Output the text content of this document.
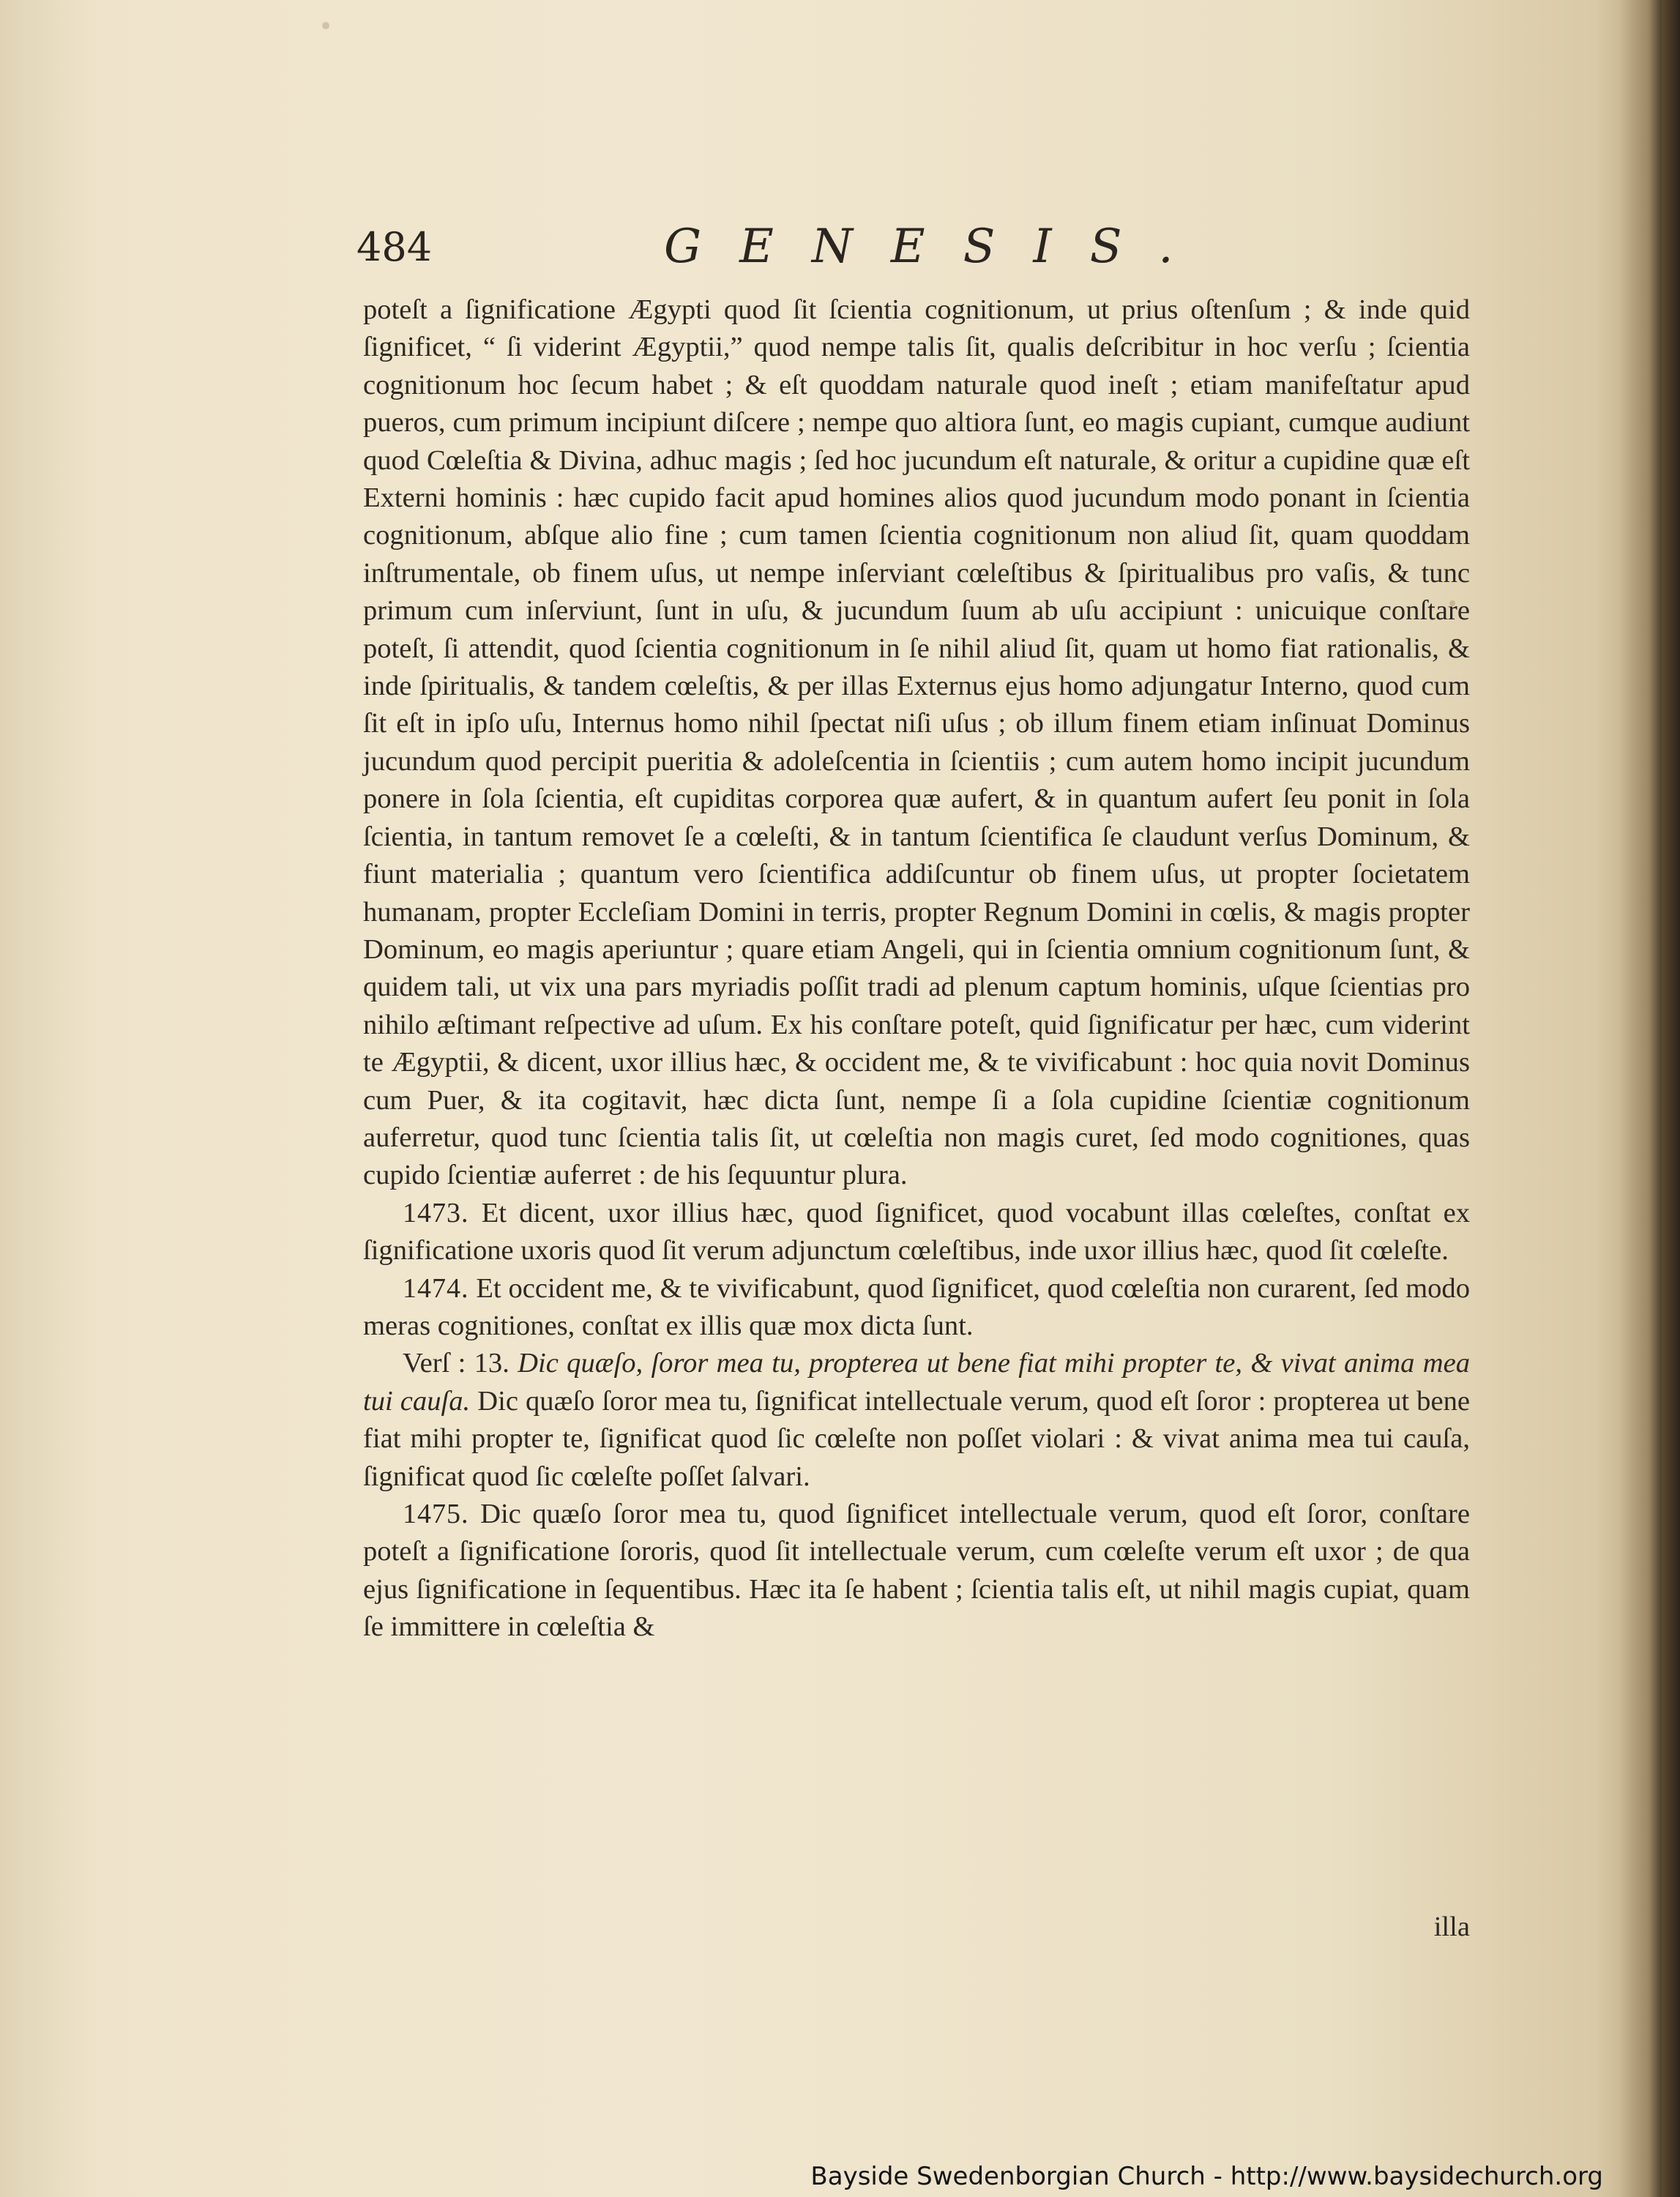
484	GENESIS.

poteſt a ſignificatione Ægypti quod ſit ſcientia cognitionum, ut prius oſtenſum ; & inde quid ſignificet, “ ſi viderint Ægyptii,” quod nempe talis ſit, qualis deſcribitur in hoc verſu ; ſcientia cognitionum hoc ſecum habet ; & eſt quoddam naturale quod ineſt ; etiam manifeſtatur apud pueros, cum primum incipiunt diſcere ; nempe quo altiora ſunt, eo magis cupiant, cumque audiunt quod Cœleſtia & Divina, adhuc magis ; ſed hoc jucundum eſt naturale, & oritur a cupidine quæ eſt Externi hominis : hæc cupido facit apud homines alios quod jucundum modo ponant in ſcientia cognitionum, abſque alio fine ; cum tamen ſcientia cognitionum non aliud ſit, quam quoddam inſtrumentale, ob finem uſus, ut nempe inſerviant cœleſtibus & ſpiritualibus pro vaſis, & tunc primum cum inſerviunt, ſunt in uſu, & jucundum ſuum ab uſu accipiunt : unicuique conſtare poteſt, ſi attendit, quod ſcientia cognitionum in ſe nihil aliud ſit, quam ut homo fiat rationalis, & inde ſpiritualis, & tandem cœleſtis, & per illas Externus ejus homo adjungatur Interno, quod cum ſit eſt in ipſo uſu, Internus homo nihil ſpectat niſi uſus ; ob illum finem etiam inſinuat Dominus jucundum quod percipit pueritia & adoleſcentia in ſcientiis ; cum autem homo incipit jucundum ponere in ſola ſcientia, eſt cupiditas corporea quæ aufert, & in quantum aufert ſeu ponit in ſola ſcientia, in tantum removet ſe a cœleſti, & in tantum ſcientifica ſe claudunt verſus Dominum, & fiunt materialia ; quantum vero ſcientifica addiſcuntur ob finem uſus, ut propter ſocietatem humanam, propter Eccleſiam Domini in terris, propter Regnum Domini in cœlis, & magis propter Dominum, eo magis aperiuntur ; quare etiam Angeli, qui in ſcientia omnium cognitionum ſunt, & quidem tali, ut vix una pars myriadis poſſit tradi ad plenum captum hominis, uſque ſcientias pro nihilo æſtimant reſpective ad uſum. Ex his conſtare poteſt, quid ſignificatur per hæc, cum viderint te Ægyptii, & dicent, uxor illius hæc, & occident me, & te vivificabunt : hoc quia novit Dominus cum Puer, & ita cogitavit, hæc dicta ſunt, nempe ſi a ſola cupidine ſcientiæ cognitionum auferretur, quod tunc ſcientia talis ſit, ut cœleſtia non magis curet, ſed modo cognitiones, quas cupido ſcientiæ auferret : de his ſequuntur plura.

1473. Et dicent, uxor illius hæc, quod ſignificet, quod vocabunt illas cœleſtes, conſtat ex ſignificatione uxoris quod ſit verum adjunctum cœleſtibus, inde uxor illius hæc, quod ſit cœleſte.

1474. Et occident me, & te vivificabunt, quod ſignificet, quod cœleſtia non curarent, ſed modo meras cognitiones, conſtat ex illis quæ mox dicta ſunt.

Verſ : 13. Dic quæſo, ſoror mea tu, propterea ut bene fiat mihi propter te, & vivat anima mea tui cauſa. Dic quæſo ſoror mea tu, ſignificat intellectuale verum, quod eſt ſoror : propterea ut bene fiat mihi propter te, ſignificat quod ſic cœleſte non poſſet violari : & vivat anima mea tui cauſa, ſignificat quod ſic cœleſte poſſet ſalvari.

1475. Dic quæſo ſoror mea tu, quod ſignificet intellectuale verum, quod eſt ſoror, conſtare poteſt a ſignificatione ſororis, quod ſit intellectuale verum, cum cœleſte verum eſt uxor ; de qua ejus ſignificatione in ſequentibus. Hæc ita ſe habent ; ſcientia talis eſt, ut nihil magis cupiat, quam ſe immittere in cœleſtia &

illa
Bayside Swedenborgian Church - http://www.baysidechurch.org
